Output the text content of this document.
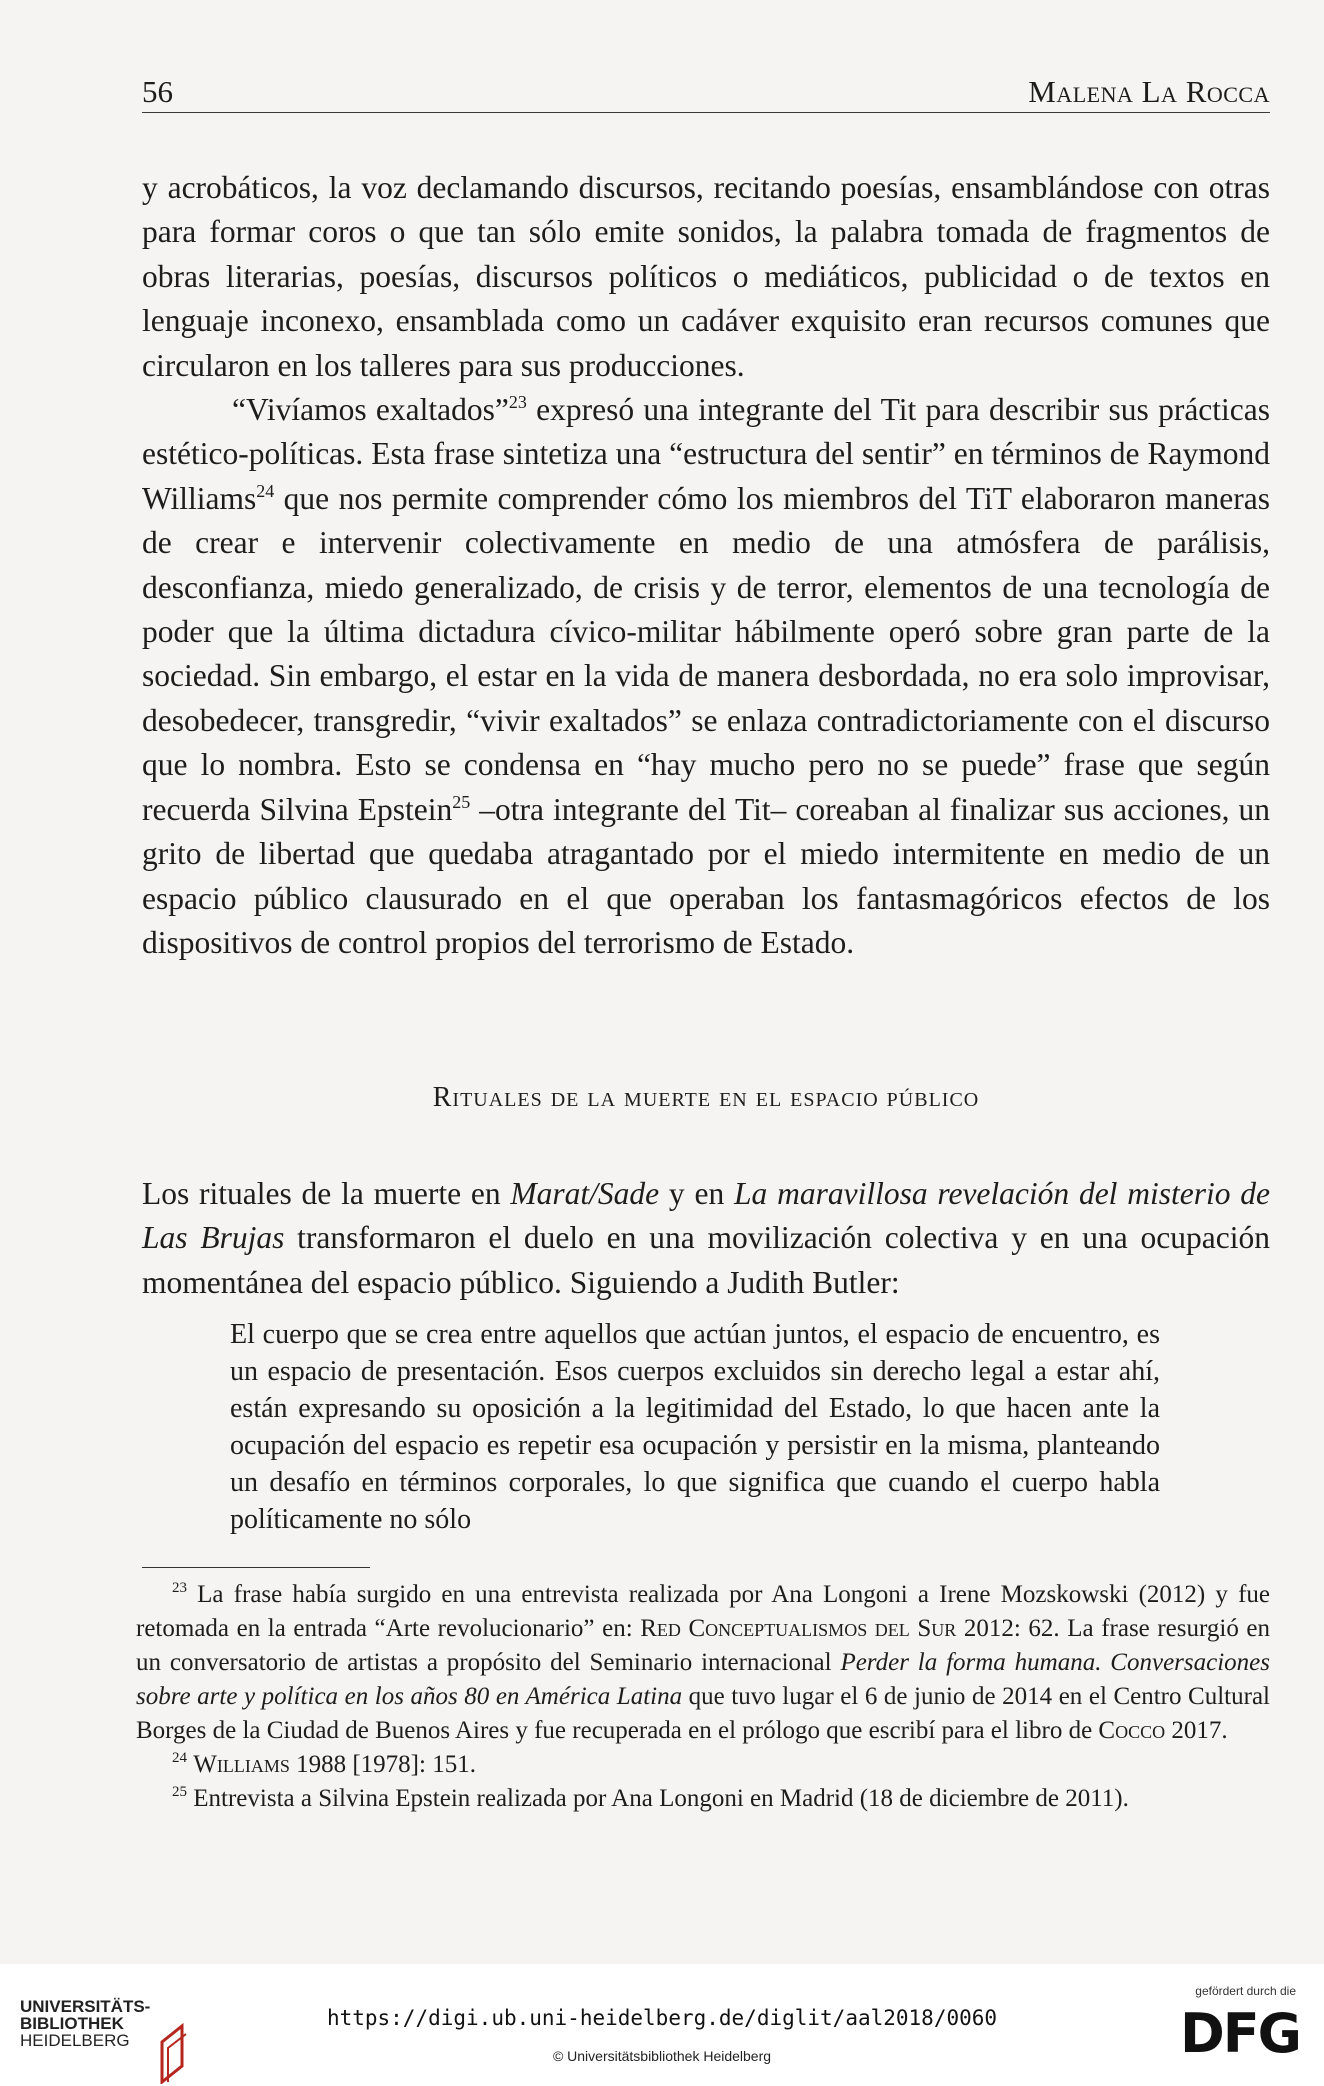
56	Malena La Rocca

y acrobáticos, la voz declamando discursos, recitando poesías, ensamblándose con otras para formar coros o que tan sólo emite sonidos, la palabra tomada de fragmentos de obras literarias, poesías, discursos políticos o mediáticos, publicidad o de textos en lenguaje inconexo, ensamblada como un cadáver exquisito eran recursos comunes que circularon en los talleres para sus producciones.

“Vivíamos exaltados”$^{23}$ expresó una integrante del Tit para describir sus prácticas estético-políticas. Esta frase sintetiza una “estructura del sentir” en términos de Raymond Williams$^{24}$ que nos permite comprender cómo los miembros del TiT elaboraron maneras de crear e intervenir colectivamente en medio de una atmósfera de parálisis, desconfianza, miedo generalizado, de crisis y de terror, elementos de una tecnología de poder que la última dictadura cívico-militar hábilmente operó sobre gran parte de la sociedad. Sin embargo, el estar en la vida de manera desbordada, no era solo improvisar, desobedecer, transgredir, “vivir exaltados” se enlaza contradictoriamente con el discurso que lo nombra. Esto se condensa en “hay mucho pero no se puede” frase que según recuerda Silvina Epstein$^{25}$ –otra integrante del Tit– coreaban al finalizar sus acciones, un grito de libertad que quedaba atragantado por el miedo intermitente en medio de un espacio público clausurado en el que operaban los fantasmagóricos efectos de los dispositivos de control propios del terrorismo de Estado.

Rituales de la muerte en el espacio público

Los rituales de la muerte en Marat/Sade y en La maravillosa revelación del misterio de Las Brujas transformaron el duelo en una movilización colectiva y en una ocupación momentánea del espacio público. Siguiendo a Judith Butler:

El cuerpo que se crea entre aquellos que actúan juntos, el espacio de encuentro, es un espacio de presentación. Esos cuerpos excluidos sin derecho legal a estar ahí, están expresando su oposición a la legitimidad del Estado, lo que hacen ante la ocupación del espacio es repetir esa ocupación y persistir en la misma, planteando un desafío en términos corporales, lo que significa que cuando el cuerpo habla políticamente no sólo

$^{23}$ La frase había surgido en una entrevista realizada por Ana Longoni a Irene Mozskowski (2012) y fue retomada en la entrada “Arte revolucionario” en: Red Conceptualismos del Sur 2012: 62. La frase resurgió en un conversatorio de artistas a propósito del Seminario internacional Perder la forma humana. Conversaciones sobre arte y política en los años 80 en América Latina que tuvo lugar el 6 de junio de 2014 en el Centro Cultural Borges de la Ciudad de Buenos Aires y fue recuperada en el prólogo que escribí para el libro de Cocco 2017.

$^{24}$ Williams 1988 [1978]: 151.

$^{25}$ Entrevista a Silvina Epstein realizada por Ana Longoni en Madrid (18 de diciembre de 2011).

UNIVERSITÄTS-
BIBLIOTHEK
HEIDELBERG
https://digi.ub.uni-heidelberg.de/diglit/aal2018/0060
© Universitätsbibliothek Heidelberg
gefördert durch die
DFG
